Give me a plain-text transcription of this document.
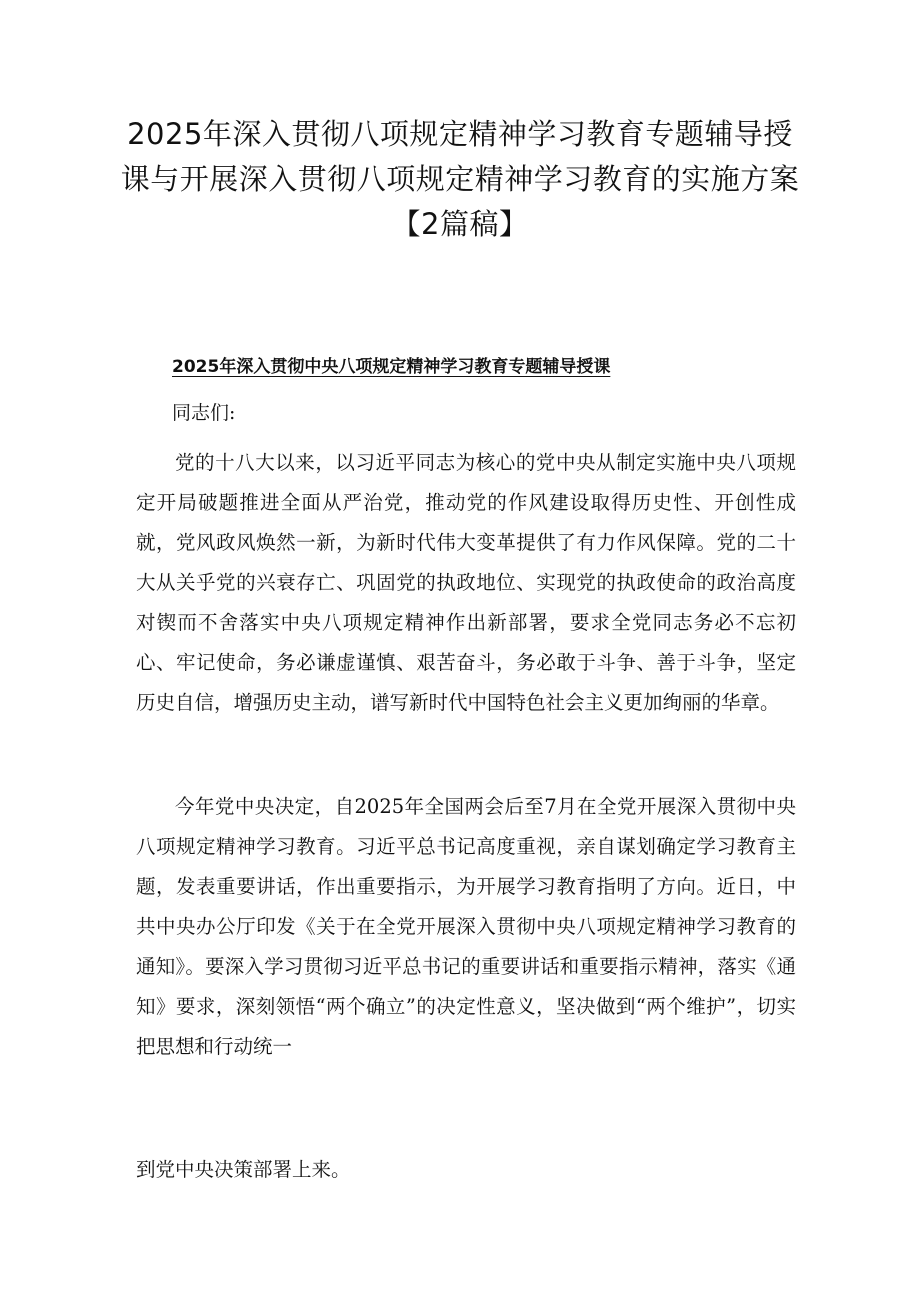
2025年深入贯彻八项规定精神学习教育专题辅导授课与开展深入贯彻八项规定精神学习教育的实施方案【2篇稿】
2025年深入贯彻中央八项规定精神学习教育专题辅导授课

同志们:

党的十八大以来，以习近平同志为核心的党中央从制定实施中央八项规定开局破题推进全面从严治党，推动党的作风建设取得历史性、开创性成就，党风政风焕然一新，为新时代伟大变革提供了有力作风保障。党的二十大从关乎党的兴衰存亡、巩固党的执政地位、实现党的执政使命的政治高度对锲而不舍落实中央八项规定精神作出新部署，要求全党同志务必不忘初心、牢记使命，务必谦虚谨慎、艰苦奋斗，务必敢于斗争、善于斗争，坚定历史自信，增强历史主动，谱写新时代中国特色社会主义更加绚丽的华章。

今年党中央决定，自2025年全国两会后至7月在全党开展深入贯彻中央八项规定精神学习教育。习近平总书记高度重视，亲自谋划确定学习教育主题，发表重要讲话，作出重要指示，为开展学习教育指明了方向。近日，中共中央办公厅印发《关于在全党开展深入贯彻中央八项规定精神学习教育的通知》。要深入学习贯彻习近平总书记的重要讲话和重要指示精神，落实《通知》要求，深刻领悟“两个确立”的决定性意义，坚决做到“两个维护”，切实把思想和行动统一

到党中央决策部署上来。
